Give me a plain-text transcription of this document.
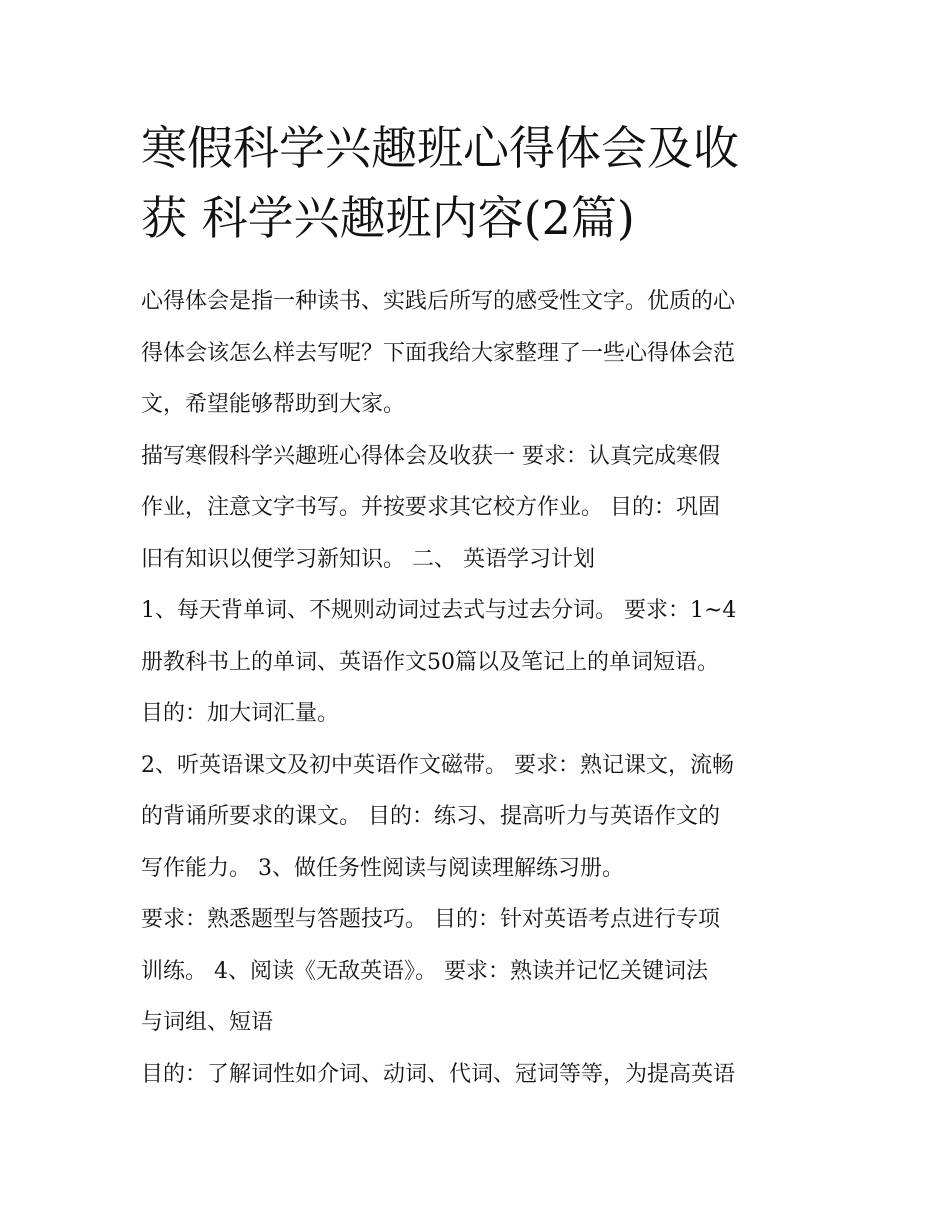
寒假科学兴趣班心得体会及收
获 科学兴趣班内容(2篇)
心得体会是指一种读书、实践后所写的感受性文字。优质的心
得体会该怎么样去写呢？下面我给大家整理了一些心得体会范
文，希望能够帮助到大家。
描写寒假科学兴趣班心得体会及收获一 要求：认真完成寒假
作业，注意文字书写。并按要求其它校方作业。 目的：巩固
旧有知识以便学习新知识。 二、 英语学习计划
1、每天背单词、不规则动词过去式与过去分词。 要求：1~4
册教科书上的单词、英语作文50篇以及笔记上的单词短语。
目的：加大词汇量。
2、听英语课文及初中英语作文磁带。 要求：熟记课文，流畅
的背诵所要求的课文。 目的：练习、提高听力与英语作文的
写作能力。 3、做任务性阅读与阅读理解练习册。
要求：熟悉题型与答题技巧。 目的：针对英语考点进行专项
训练。 4、阅读《无敌英语》。 要求：熟读并记忆关键词法
与词组、短语
目的：了解词性如介词、动词、代词、冠词等等，为提高英语
